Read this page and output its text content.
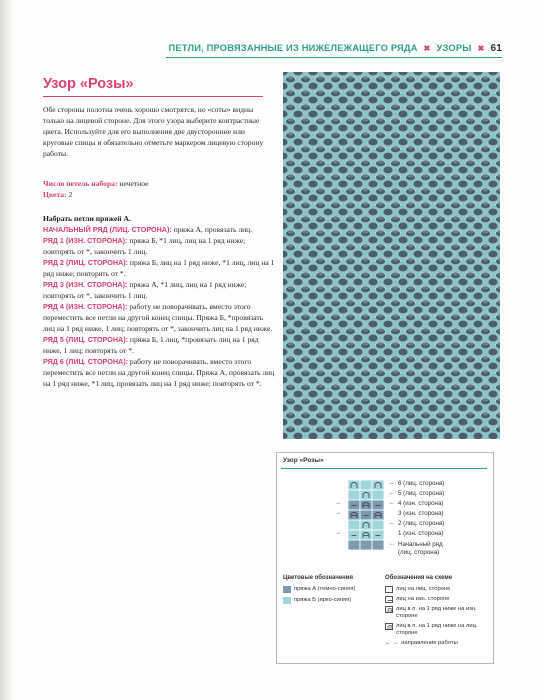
ПЕТЛИ, ПРОВЯЗАННЫЕ ИЗ НИЖЕЛЕЖАЩЕГО РЯДА ✖ УЗОРЫ ✖ 61
Узор «Розы»

Обе стороны полотна очень хорошо смотрятся, но «соты» видны только на лицевой стороне. Для этого узора выберите контрастные цвета. Используйте для его выполнения две двусторонние или круговые спицы и обязательно отметьте маркером лицевую сторону работы.

Число петель набора: нечетное
Цвета: 2

Набрать петли пряжей А.

НАЧАЛЬНЫЙ РЯД (ЛИЦ. СТОРОНА): пряжа А, провязать лиц.

РЯД 1 (ИЗН. СТОРОНА): пряжа Б, *1 лиц, лиц на 1 ряд ниже; повторять от *, закончить 1 лиц.

РЯД 2 (ЛИЦ. СТОРОНА): пряжа Б, лиц на 1 ряд ниже, *1 лиц, лиц на 1 ряд ниже; повторять от *.

РЯД 3 (ИЗН. СТОРОНА): пряжа А, *1 лиц, лиц на 1 ряд ниже; повторять от *, закончить 1 лиц.

РЯД 4 (ИЗН. СТОРОНА): работу не поворачивать, вместо этого переместить все петли на другой конец спицы. Пряжа Б, *провязать лиц на 1 ряд ниже, 1 лиц; повторять от *, закончить лиц на 1 ряд ниже.

РЯД 5 (ЛИЦ. СТОРОНА): пряжа Б, 1 лиц, *провязать лиц на 1 ряд ниже, 1 лиц; повторять от *.

РЯД 6 (ЛИЦ. СТОРОНА): работу не поворачивать, вместо этого переместить все петли на другой конец спицы. Пряжа А, провязать лиц на 1 ряд ниже, *1 лиц, провязать лиц на 1 ряд ниже; повторять от *.

Узор «Розы»
← 6 (лиц. сторона)
← 5 (лиц. сторона)
← 4 (изн. сторона)
3 (изн. сторона)
← 2 (лиц. сторона)
1 (изн. сторона)
← Начальный ряд
(лиц. сторона)
→
→
→
Цветовые обозначения
пряжа А (темно-синяя)
пряжа Б (ярко-синяя)
Обозначения на схеме
лиц на лиц. стороне
лиц на изн. стороне
лиц в п. на 1 ряд ниже на изн. стороне
лиц в п. на 1 ряд ниже на лиц. стороне
← → направление работы
